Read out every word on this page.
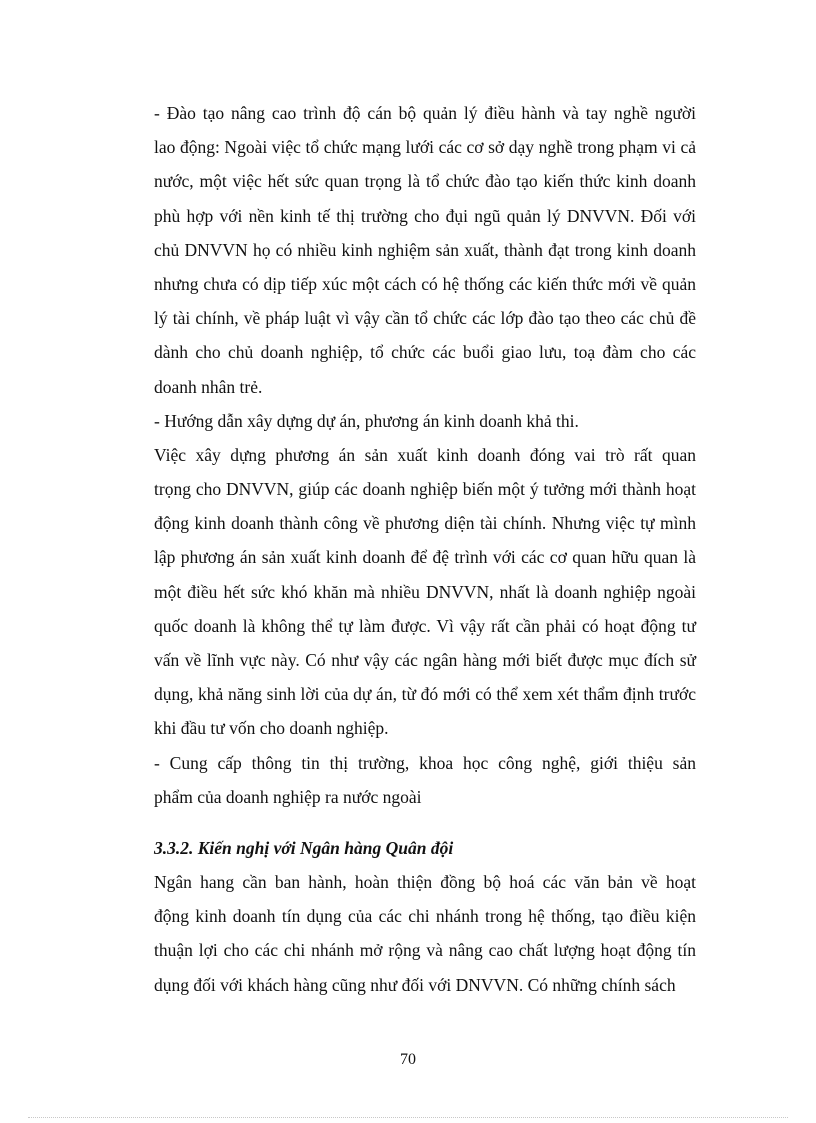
- Đào tạo nâng cao trình độ cán bộ quản lý điều hành và tay nghề người
lao động: Ngoài việc tổ chức mạng lưới các cơ sở dạy nghề trong phạm vi cả
nước, một việc hết sức quan trọng là tổ chức đào tạo kiến thức kinh doanh
phù hợp với nền kinh tế thị trường cho đụi ngũ quản lý DNVVN. Đối với
chủ DNVVN họ có nhiều kinh nghiệm sản xuất, thành đạt trong kinh doanh
nhưng chưa có dịp tiếp xúc một cách có hệ thống các kiến thức mới về quản
lý tài chính, về pháp luật vì vậy cần tổ chức các lớp đào tạo theo các chủ đề
dành cho chủ doanh nghiệp, tổ chức các buổi giao lưu, toạ đàm cho các
doanh nhân trẻ.
- Hướng dẫn xây dựng dự án, phương án kinh doanh khả thi.
Việc xây dựng phương án sản xuất kinh doanh đóng vai trò rất quan
trọng cho DNVVN, giúp các doanh nghiệp biến một ý tưởng mới thành hoạt
động kinh doanh thành công về phương diện tài chính. Nhưng việc tự mình
lập phương án sản xuất kinh doanh để đệ trình với các cơ quan hữu quan là
một điều hết sức khó khăn mà nhiều DNVVN, nhất là doanh nghiệp ngoài
quốc doanh là không thể tự làm được. Vì vậy rất cần phải có hoạt động tư
vấn về lĩnh vực này. Có như vậy các ngân hàng mới biết được mục đích sử
dụng, khả năng sinh lời của dự án, từ đó mới có thể xem xét thẩm định trước
khi đầu tư vốn cho doanh nghiệp.
- Cung cấp thông tin thị trường, khoa học công nghệ, giới thiệu sản
phẩm của doanh nghiệp ra nước ngoài
3.3.2. Kiến nghị với Ngân hàng Quân đội
Ngân hang cần ban hành, hoàn thiện đồng bộ hoá các văn bản về hoạt
động kinh doanh tín dụng của các chi nhánh trong hệ thống, tạo điều kiện
thuận lợi cho các chi nhánh mở rộng và nâng cao chất lượng hoạt động tín
dụng đối với khách hàng cũng như đối với DNVVN. Có những chính sách
70
